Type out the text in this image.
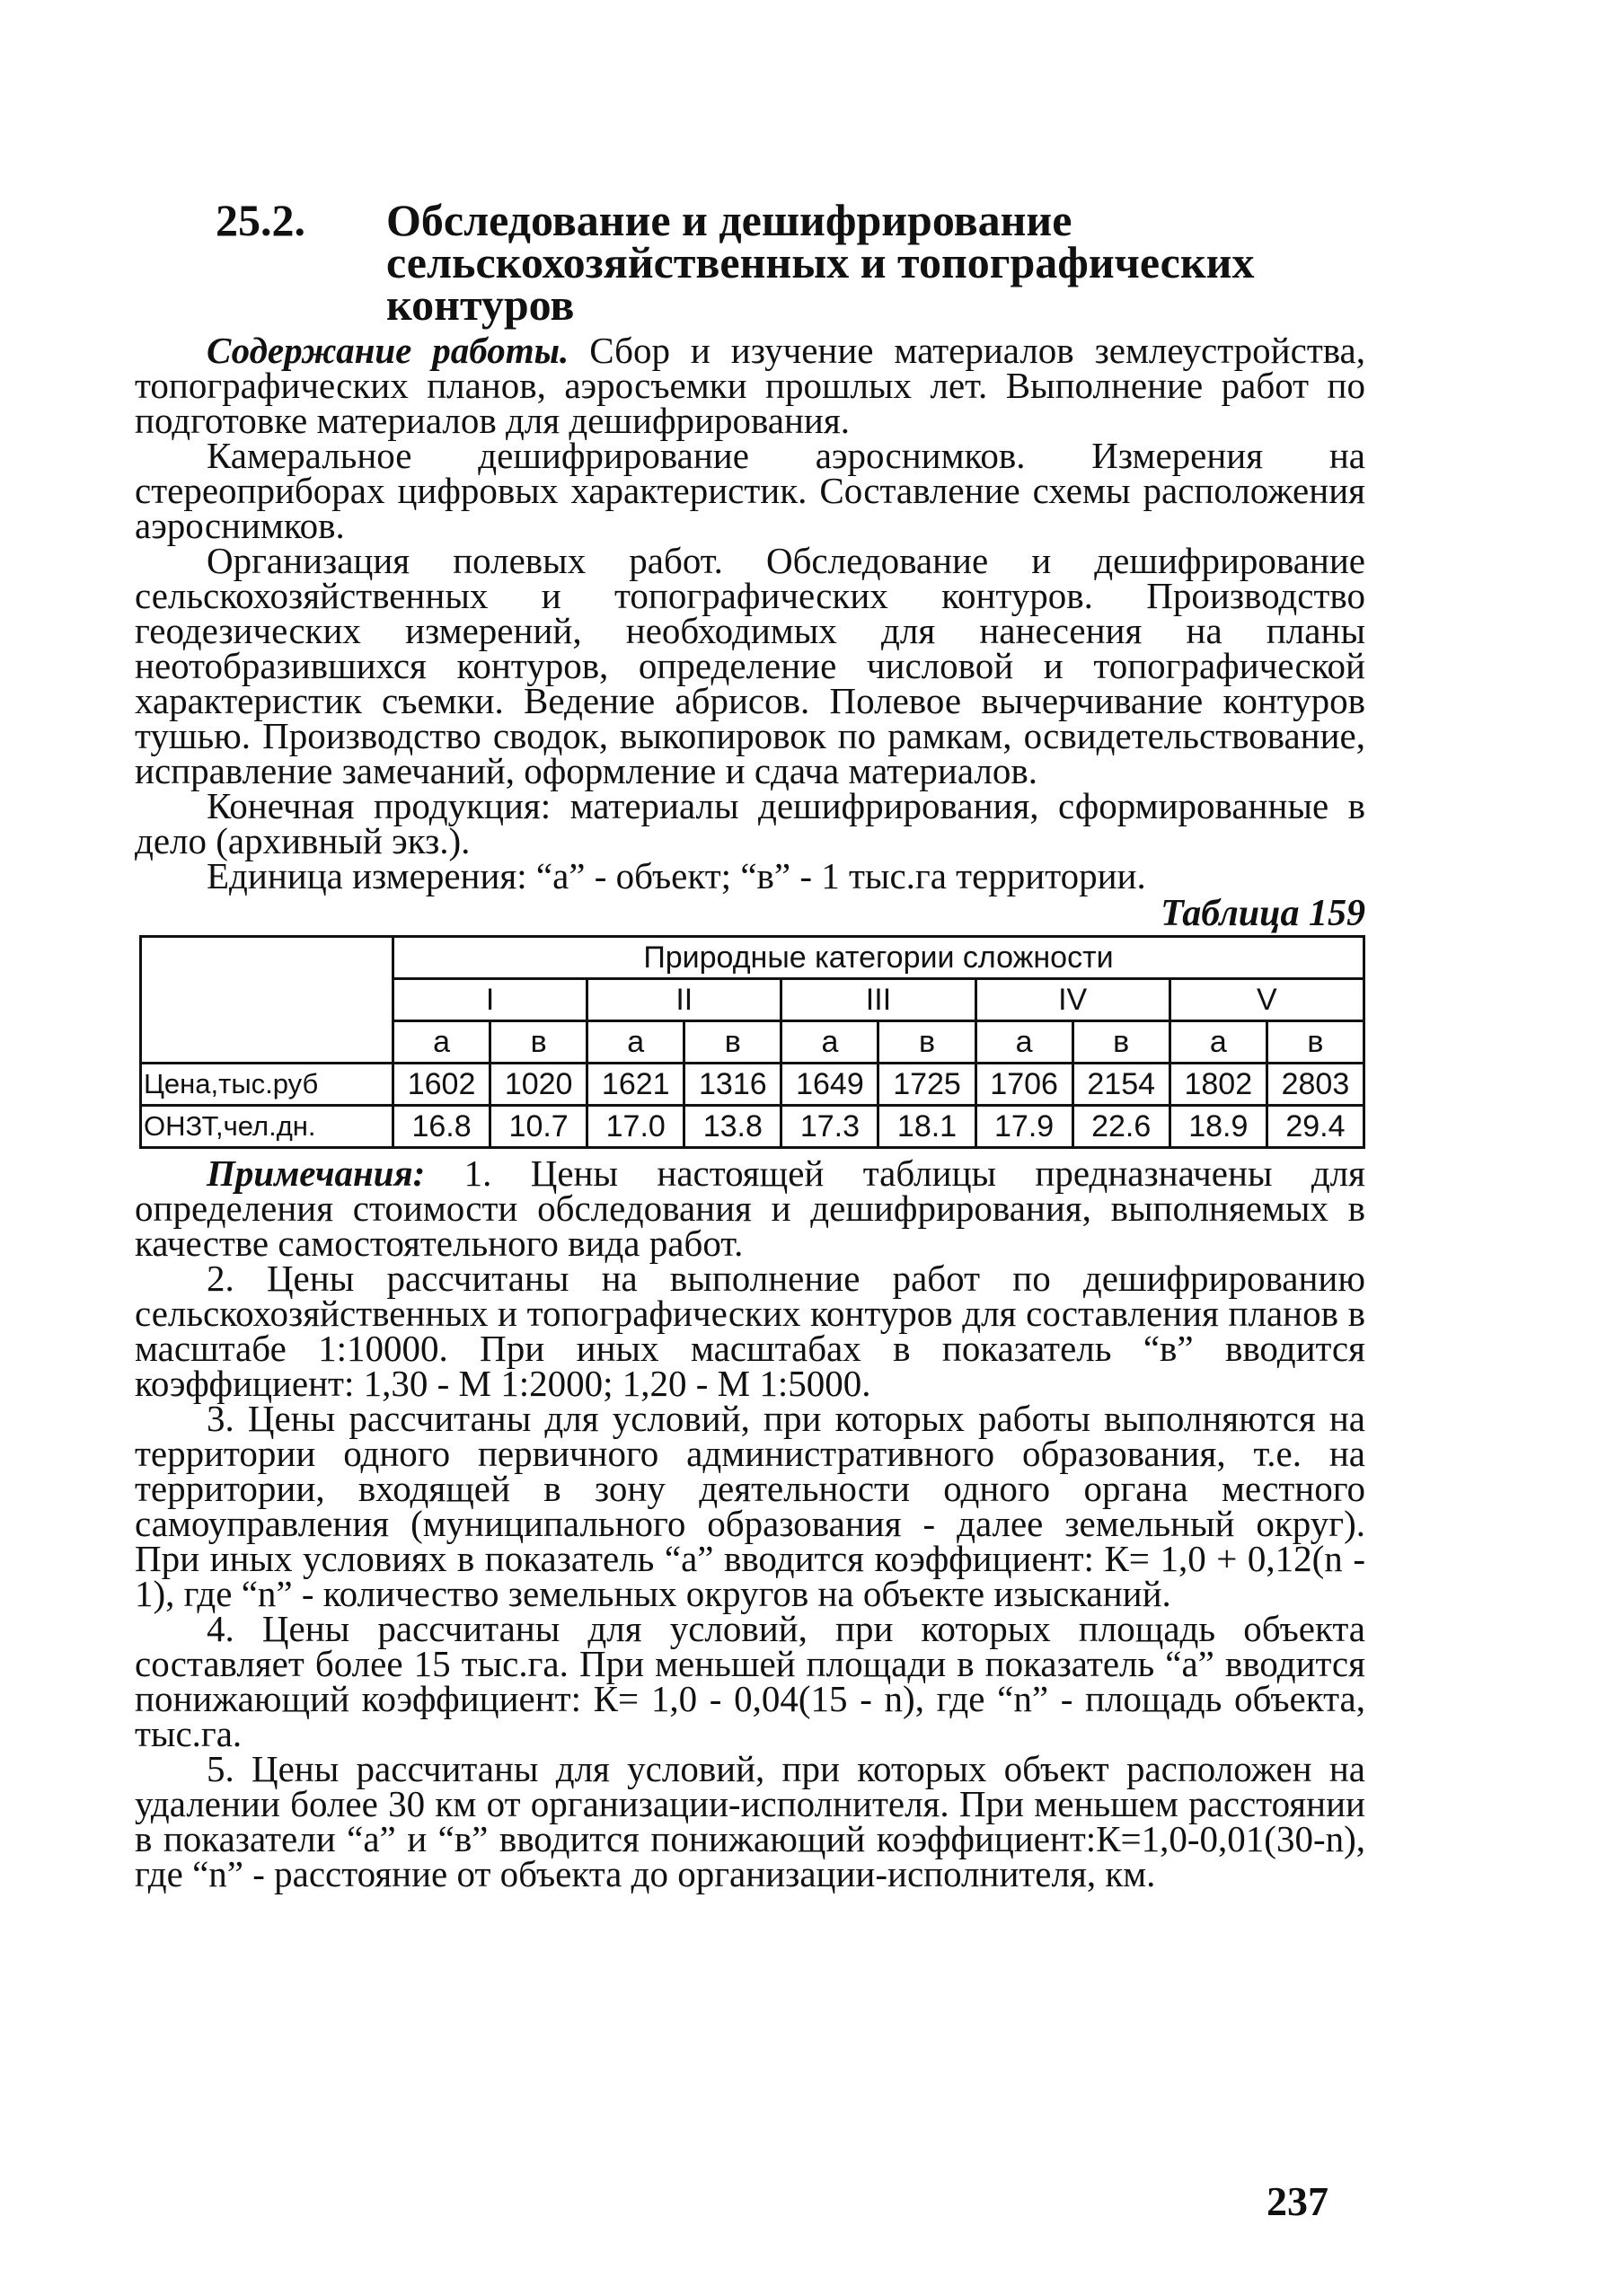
25.2.	Обследование и дешифрирование сельскохозяйственных и топографических контуров

Содержание работы. Сбор и изучение материалов землеустройства, топографических планов, аэросъемки прошлых лет. Выполнение работ по подготовке материалов для дешифрирования.

Камеральное дешифрирование аэроснимков. Измерения на стереоприборах цифровых характеристик. Составление схемы расположения аэроснимков.

Организация полевых работ. Обследование и дешифрирование сельскохозяйственных и топографических контуров. Производство геодезических измерений, необходимых для нанесения на планы неотобразившихся контуров, определение числовой и топографической характеристик съемки. Ведение абрисов. Полевое вычерчивание контуров тушью. Производство сводок, выкопировок по рамкам, освидетельствование, исправление замечаний, оформление и сдача материалов.

Конечная продукция: материалы дешифрирования, сформированные в дело (архивный экз.).

Единица измерения: “а” - объект; “в” - 1 тыс.га территории.

Таблица 159
	Природные категории сложности									
	I		II		III		IV		V	
	а	в	а	в	а	в	а	в	а	в
Цена,тыс.руб	1602	1020	1621	1316	1649	1725	1706	2154	1802	2803
ОНЗТ,чел.дн.	16.8	10.7	17.0	13.8	17.3	18.1	17.9	22.6	18.9	29.4

Примечания: 1. Цены настоящей таблицы предназначены для определения стоимости обследования и дешифрирования, выполняемых в качестве самостоятельного вида работ.

2. Цены рассчитаны на выполнение работ по дешифрированию сельскохозяйственных и топографических контуров для составления планов в масштабе 1:10000. При иных масштабах в показатель “в” вводится коэффициент: 1,30 - М 1:2000; 1,20 - М 1:5000.

3. Цены рассчитаны для условий, при которых работы выполняются на территории одного первичного административного образования, т.е. на территории, входящей в зону деятельности одного органа местного самоуправления (муниципального образования - далее земельный округ). При иных условиях в показатель “а” вводится коэффициент: К= 1,0 + 0,12(n - 1), где “n” - количество земельных округов на объекте изысканий.

4. Цены рассчитаны для условий, при которых площадь объекта составляет более 15 тыс.га. При меньшей площади в показатель “а” вводится понижающий коэффициент: К= 1,0 - 0,04(15 - n), где “n” - площадь объекта, тыс.га.

5. Цены рассчитаны для условий, при которых объект расположен на удалении более 30 км от организации-исполнителя. При меньшем расстоянии в показатели “а” и “в” вводится понижающий коэффициент:К=1,0-0,01(30-n), где “n” - расстояние от объекта до организации-исполнителя, км.

237
